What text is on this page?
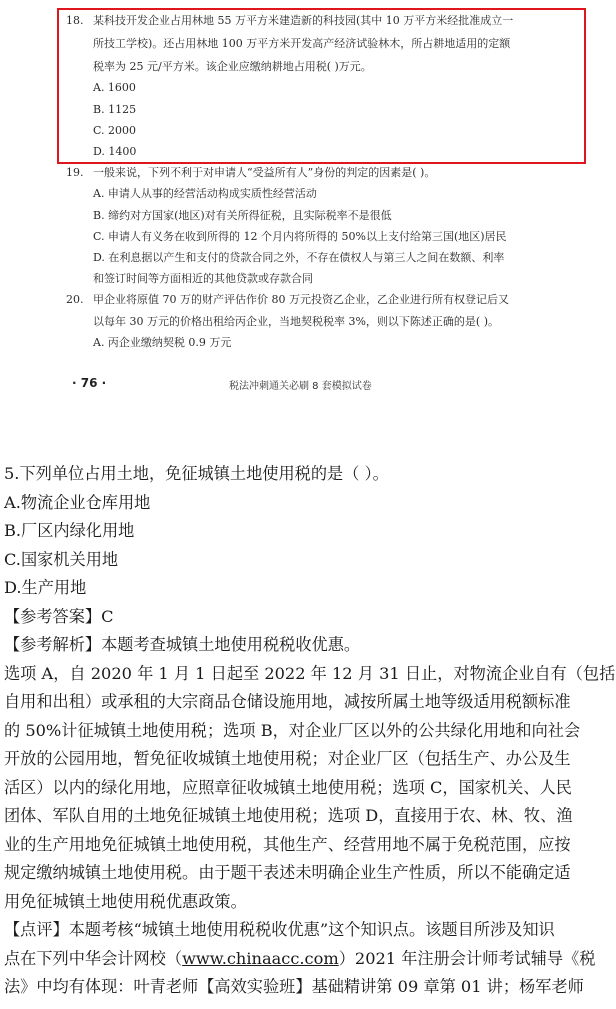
18. 某科技开发企业占用林地 55 万平方米建造新的科技园(其中 10 万平方米经批准成立一
所技工学校)。还占用林地 100 万平方米开发高产经济试验林木，所占耕地适用的定额
税率为 25 元/平方米。该企业应缴纳耕地占用税( )万元。
A. 1600
B. 1125
C. 2000
D. 1400
19. 一般来说，下列不利于对申请人“受益所有人”身份的判定的因素是( )。
A. 申请人从事的经营活动构成实质性经营活动
B. 缔约对方国家(地区)对有关所得征税，且实际税率不是很低
C. 申请人有义务在收到所得的 12 个月内将所得的 50%以上支付给第三国(地区)居民
D. 在利息据以产生和支付的贷款合同之外，不存在债权人与第三人之间在数额、利率
和签订时间等方面相近的其他贷款或存款合同
20. 甲企业将原值 70 万的财产评估作价 80 万元投资乙企业，乙企业进行所有权登记后又
以每年 30 万元的价格出租给丙企业，当地契税税率 3%，则以下陈述正确的是( )。
A. 丙企业缴纳契税 0.9 万元
· 76 ·	税法冲刺通关必刷 8 套模拟试卷
5.下列单位占用土地，免征城镇土地使用税的是（ ）。
A.物流企业仓库用地
B.厂区内绿化用地
C.国家机关用地
D.生产用地
【参考答案】C
【参考解析】本题考查城镇土地使用税税收优惠。
选项 A，自 2020 年 1 月 1 日起至 2022 年 12 月 31 日止，对物流企业自有（包括
自用和出租）或承租的大宗商品仓储设施用地，减按所属土地等级适用税额标准
的 50%计征城镇土地使用税；选项 B，对企业厂区以外的公共绿化用地和向社会
开放的公园用地，暂免征收城镇土地使用税；对企业厂区（包括生产、办公及生
活区）以内的绿化用地，应照章征收城镇土地使用税；选项 C，国家机关、人民
团体、军队自用的土地免征城镇土地使用税；选项 D，直接用于农、林、牧、渔
业的生产用地免征城镇土地使用税，其他生产、经营用地不属于免税范围，应按
规定缴纳城镇土地使用税。由于题干表述未明确企业生产性质，所以不能确定适
用免征城镇土地使用税优惠政策。
【点评】本题考核“城镇土地使用税税收优惠”这个知识点。该题目所涉及知识
点在下列中华会计网校（www.chinaacc.com）2021 年注册会计师考试辅导《税
法》中均有体现：叶青老师【高效实验班】基础精讲第 09 章第 01 讲；杨军老师
